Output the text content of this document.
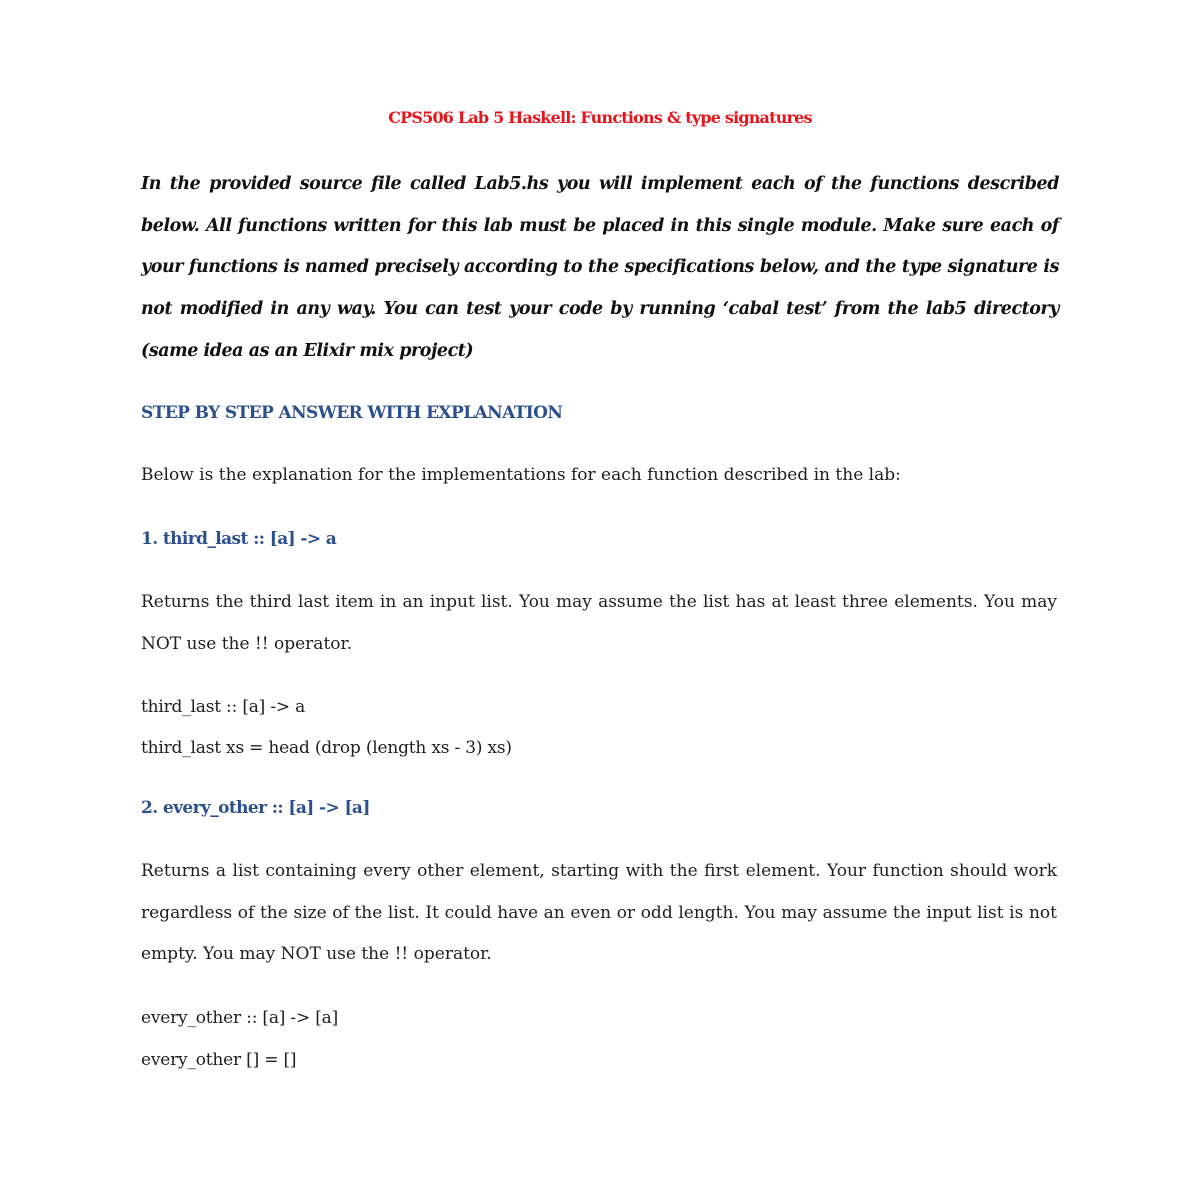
CPS506 Lab 5 Haskell: Functions & type signatures

In the provided source file called Lab5.hs you will implement each of the functions described below. All functions written for this lab must be placed in this single module. Make sure each of your functions is named precisely according to the specifications below, and the type signature is not modified in any way. You can test your code by running ‘cabal test’ from the lab5 directory (same idea as an Elixir mix project)

STEP BY STEP ANSWER WITH EXPLANATION

Below is the explanation for the implementations for each function described in the lab:

1. third_last :: [a] -> a

Returns the third last item in an input list. You may assume the list has at least three elements. You may NOT use the !! operator.

third_last :: [a] -> a
third_last xs = head (drop (length xs - 3) xs)
2. every_other :: [a] -> [a]

Returns a list containing every other element, starting with the first element. Your function should work regardless of the size of the list. It could have an even or odd length. You may assume the input list is not empty. You may NOT use the !! operator.

every_other :: [a] -> [a]
every_other [] = []
